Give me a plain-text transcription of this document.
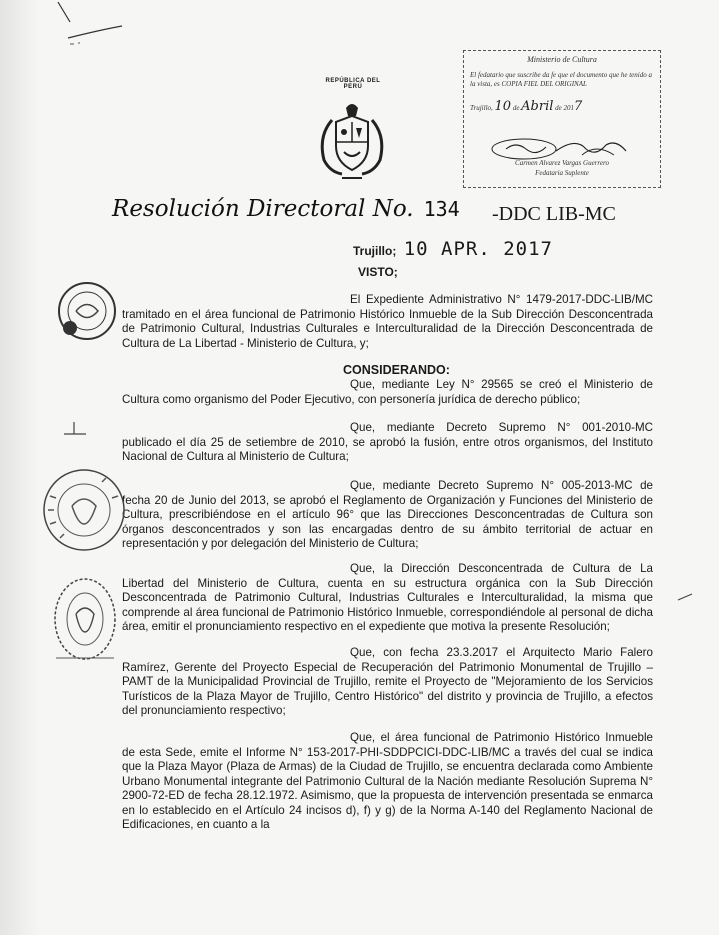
Ministerio de Cultura
El fedatario que suscribe da fe que el documento que he tenido a la vista, es COPIA FIEL DEL ORIGINAL
Trujillo, 10 de Abril de 2017
Carmen Alvarez Vargas Guerrero
Fedataria Suplente
REPÚBLICA DEL PERÚ
Resolución Directoral No. 134 -DDC LIB-MC
Trujillo; 10 APR. 2017
VISTO;
El Expediente Administrativo N° 1479-2017-DDC-LIB/MC tramitado en el área funcional de Patrimonio Histórico Inmueble de la Sub Dirección Desconcentrada de Patrimonio Cultural, Industrias Culturales e Interculturalidad de la Dirección Desconcentrada de Cultura de La Libertad - Ministerio de Cultura, y;
CONSIDERANDO:
Que, mediante Ley N° 29565 se creó el Ministerio de Cultura como organismo del Poder Ejecutivo, con personería jurídica de derecho público;
Que, mediante Decreto Supremo N° 001-2010-MC publicado el día 25 de setiembre de 2010, se aprobó la fusión, entre otros organismos, del Instituto Nacional de Cultura al Ministerio de Cultura;
Que, mediante Decreto Supremo N° 005-2013-MC de fecha 20 de Junio del 2013, se aprobó el Reglamento de Organización y Funciones del Ministerio de Cultura, prescribiéndose en el artículo 96° que las Direcciones Desconcentradas de Cultura son órganos desconcentrados y son las encargadas dentro de su ámbito territorial de actuar en representación y por delegación del Ministerio de Cultura;
Que, la Dirección Desconcentrada de Cultura de La Libertad del Ministerio de Cultura, cuenta en su estructura orgánica con la Sub Dirección Desconcentrada de Patrimonio Cultural, Industrias Culturales e Interculturalidad, la misma que comprende al área funcional de Patrimonio Histórico Inmueble, correspondiéndole al personal de dicha área, emitir el pronunciamiento respectivo en el expediente que motiva la presente Resolución;
Que, con fecha 23.3.2017 el Arquitecto Mario Falero Ramírez, Gerente del Proyecto Especial de Recuperación del Patrimonio Monumental de Trujillo – PAMT de la Municipalidad Provincial de Trujillo, remite el Proyecto de "Mejoramiento de los Servicios Turísticos de la Plaza Mayor de Trujillo, Centro Histórico" del distrito y provincia de Trujillo, a efectos del pronunciamiento respectivo;
Que, el área funcional de Patrimonio Histórico Inmueble de esta Sede, emite el Informe N° 153-2017-PHI-SDDPCICI-DDC-LIB/MC a través del cual se indica que la Plaza Mayor (Plaza de Armas) de la Ciudad de Trujillo, se encuentra declarada como Ambiente Urbano Monumental integrante del Patrimonio Cultural de la Nación mediante Resolución Suprema N° 2900-72-ED de fecha 28.12.1972. Asimismo, que la propuesta de intervención presentada se enmarca en lo establecido en el Artículo 24 incisos d), f) y g) de la Norma A-140 del Reglamento Nacional de Edificaciones, en cuanto a la
